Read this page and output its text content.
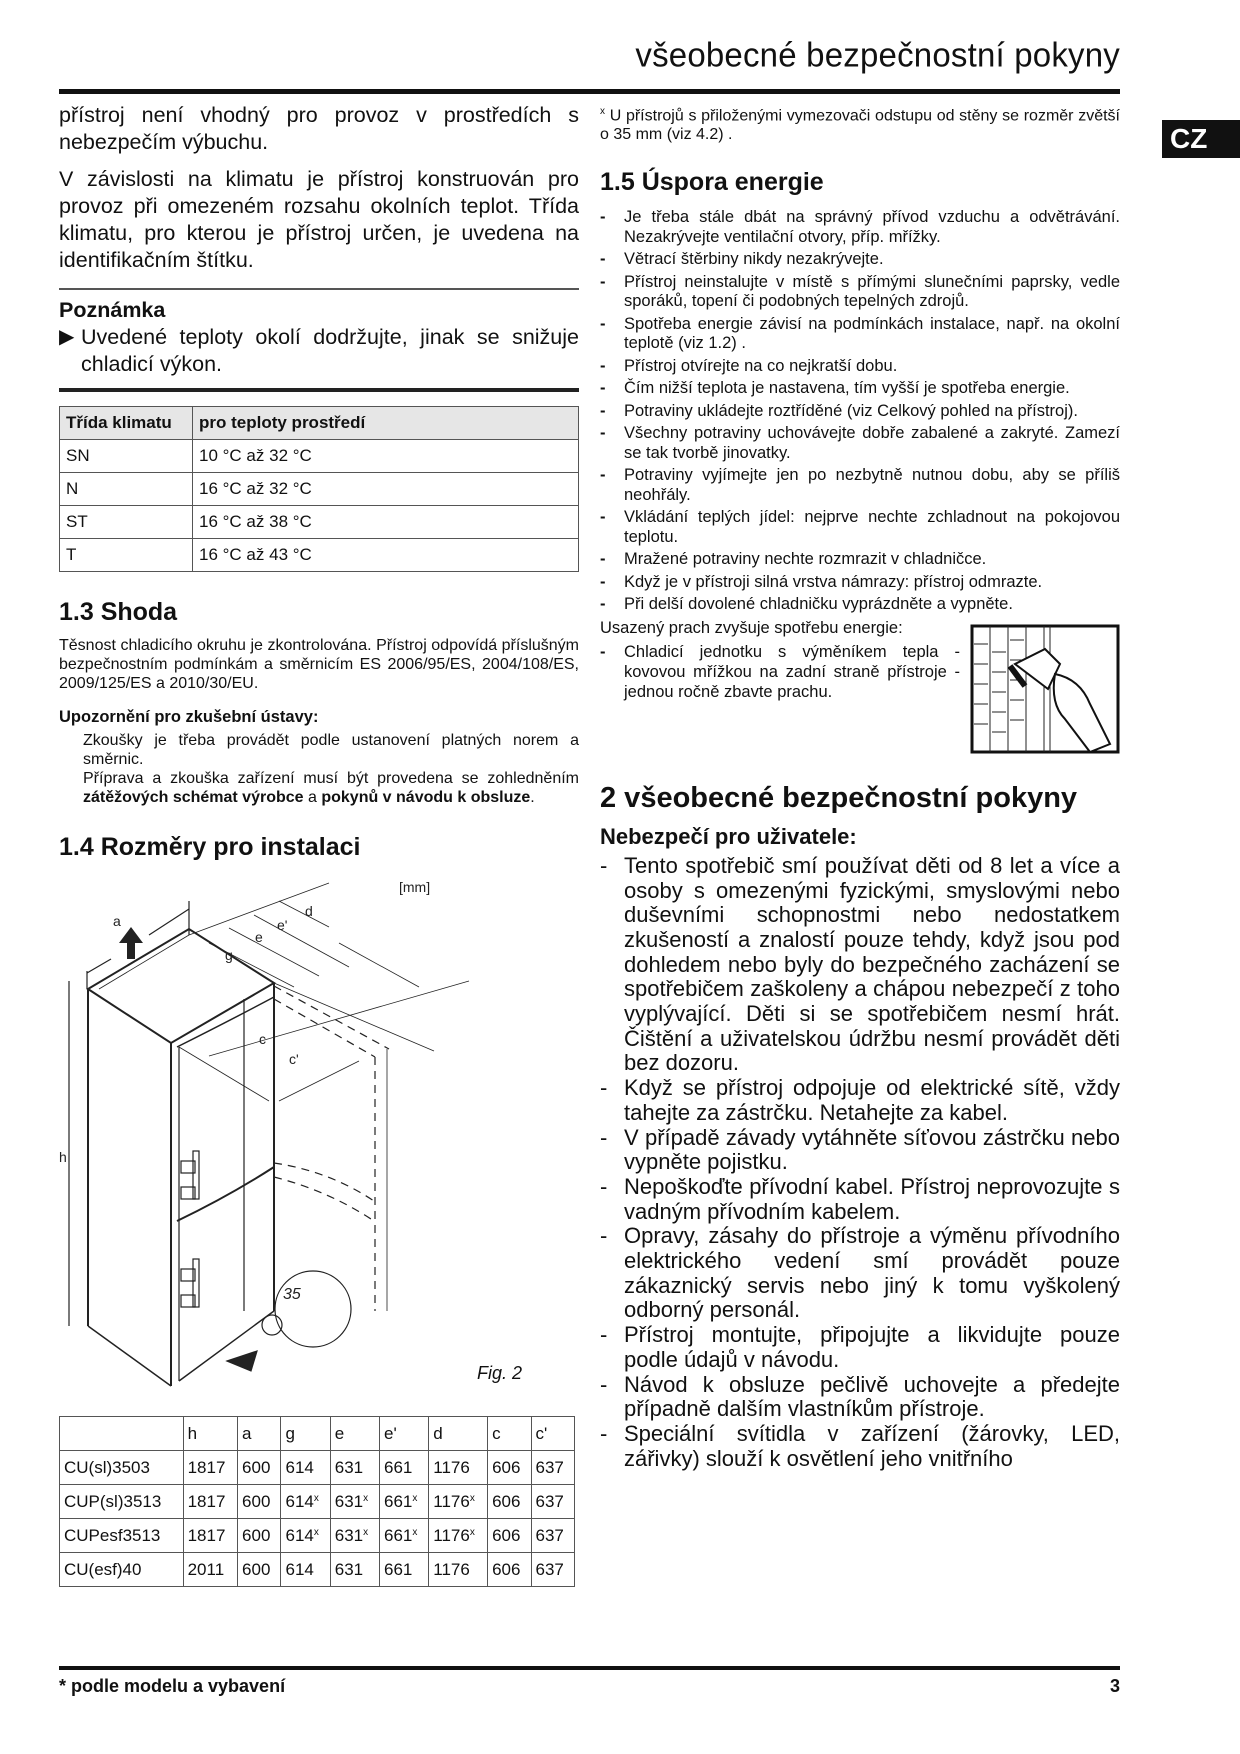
všeobecné bezpečnostní pokyny
CZ

přístroj není vhodný pro provoz v prostředích s nebezpečím výbuchu.

V závislosti na klimatu je přístroj konstruován pro provoz při omezeném rozsahu okolních teplot. Třída klimatu, pro kterou je přístroj určen, je uvedena na identifikačním štítku.

Poznámka
▶ Uvedené teploty okolí dodržujte, jinak se snižuje chladicí výkon.
Třída klimatu	pro teploty prostředí
SN	10 °C až 32 °C
N	16 °C až 32 °C
ST	16 °C až 38 °C
T	16 °C až 43 °C
1.3 Shoda

Těsnost chladicího okruhu je zkontrolována. Přístroj odpovídá příslušným bezpečnostním podmínkám a směrnicím ES 2006/95/ES, 2004/108/ES, 2009/125/ES a 2010/30/EU.

Upozornění pro zkušební ústavy:

Zkoušky je třeba provádět podle ustanovení platných norem a směrnic.

Příprava a zkouška zařízení musí být provedena se zohledněním zátěžových schémat výrobce a pokynů v návodu k obsluze.

1.4 Rozměry pro instalaci
[mm]
a
g
e
e'
d
c
c'
h
35
Fig. 2
	h	a	g	e	e'	d	c	c'
CU(sl)3503	1817	600	614	631	661	1176	606	637
CUP(sl)3513	1817	600	614$^x$	631$^x$	661$^x$	1176$^x$	606	637
CUPesf3513	1817	600	614$^x$	631$^x$	661$^x$	1176$^x$	606	637
CU(esf)40	2011	600	614	631	661	1176	606	637

$^x$ U přístrojů s přiloženými vymezovači odstupu od stěny se rozměr zvětší o 35 mm (viz 4.2) .

1.5 Úspora energie
-	Je třeba stále dbát na správný přívod vzduchu a odvětrávání. Nezakrývejte ventilační otvory, příp. mřížky.
-	Větrací štěrbiny nikdy nezakrývejte.
-	Přístroj neinstalujte v místě s přímými slunečními paprsky, vedle sporáků, topení či podobných tepelných zdrojů.
-	Spotřeba energie závisí na podmínkách instalace, např. na okolní teplotě (viz 1.2) .
-	Přístroj otvírejte na co nejkratší dobu.
-	Čím nižší teplota je nastavena, tím vyšší je spotřeba energie.
-	Potraviny ukládejte roztříděné (viz Celkový pohled na přístroj).
-	Všechny potraviny uchovávejte dobře zabalené a zakryté. Zamezí se tak tvorbě jinovatky.
-	Potraviny vyjímejte jen po nezbytně nutnou dobu, aby se příliš neohřály.
-	Vkládání teplých jídel: nejprve nechte zchladnout na pokojovou teplotu.
-	Mražené potraviny nechte rozmrazit v chladničce.
-	Když je v přístroji silná vrstva námrazy: přístroj odmrazte.
-	Při delší dovolené chladničku vyprázdněte a vypněte.
Usazený prach zvyšuje spotřebu energie:
-	Chladicí jednotku s výměníkem tepla - kovovou mřížkou na zadní straně přístroje - jednou ročně zbavte prachu.
2 všeobecné bezpečnostní pokyny
Nebezpečí pro uživatele:
- Tento spotřebič smí používat děti od 8 let a více a osoby s omezenými fyzickými, smyslovými nebo duševními schopnostmi nebo nedostatkem zkušeností a znalostí pouze tehdy, když jsou pod dohledem nebo byly do bezpečného zacházení se spotřebičem zaškoleny a chápou nebezpečí z toho vyplývající. Děti si se spotřebičem nesmí hrát. Čištění a uživatelskou údržbu nesmí provádět děti bez dozoru.
- Když se přístroj odpojuje od elektrické sítě, vždy tahejte za zástrčku. Netahejte za kabel.
- V případě závady vytáhněte síťovou zástrčku nebo vypněte pojistku.
- Nepoškoďte přívodní kabel. Přístroj neprovozujte s vadným přívodním kabelem.
- Opravy, zásahy do přístroje a výměnu přívodního elektrického vedení smí provádět pouze zákaznický servis nebo jiný k tomu vyškolený odborný personál.
- Přístroj montujte, připojujte a likvidujte pouze podle údajů v návodu.
- Návod k obsluze pečlivě uchovejte a předejte případně dalším vlastníkům přístroje.
- Speciální svítidla v zařízení (žárovky, LED, zářivky) slouží k osvětlení jeho vnitřního
* podle modelu a vybavení	3
